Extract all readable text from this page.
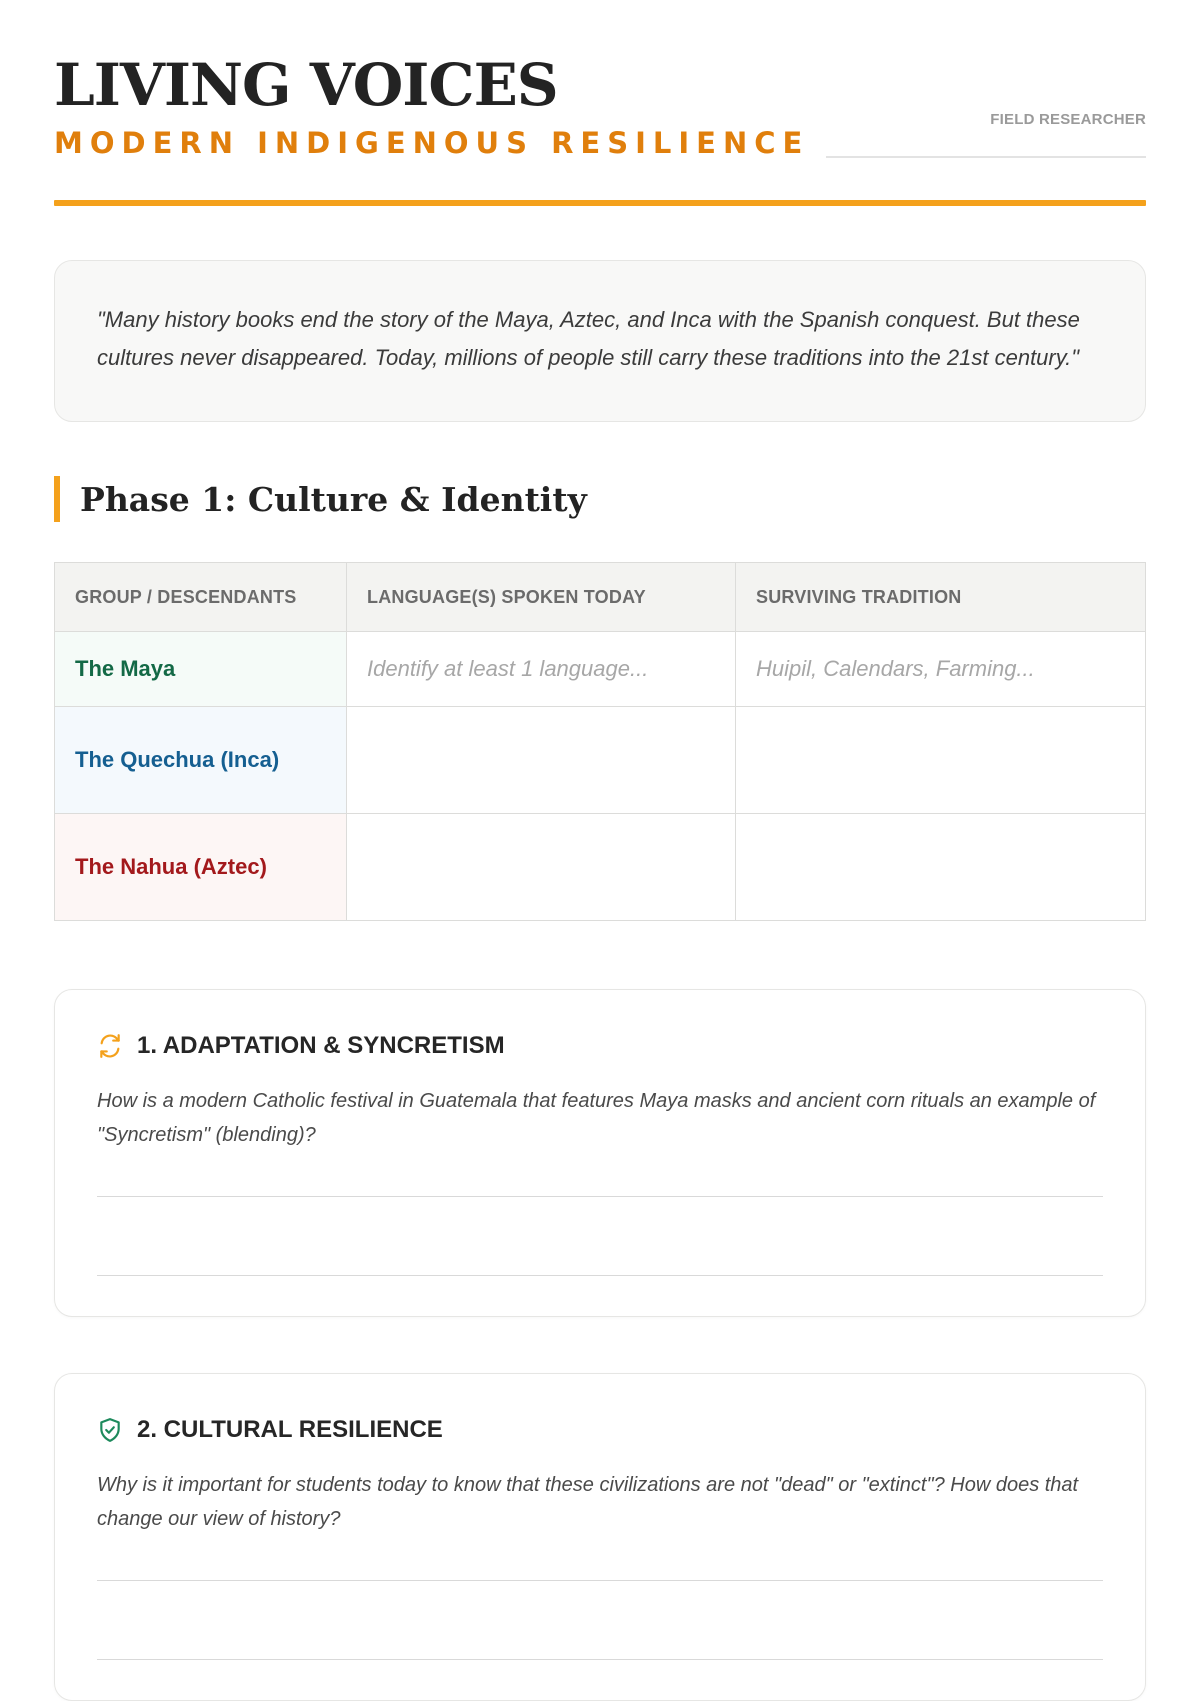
LIVING VOICES
MODERN INDIGENOUS RESILIENCE
FIELD RESEARCHER
"Many history books end the story of the Maya, Aztec, and Inca with the Spanish conquest. But these cultures never disappeared. Today, millions of people still carry these traditions into the 21st century."
Phase 1: Culture & Identity
GROUP / DESCENDANTS	LANGUAGE(S) SPOKEN TODAY	SURVIVING TRADITION
The Maya	Identify at least 1 language...	Huipil, Calendars, Farming...
The Quechua (Inca)		
The Nahua (Aztec)		
1. ADAPTATION & SYNCRETISM
How is a modern Catholic festival in Guatemala that features Maya masks and ancient corn rituals an example of "Syncretism" (blending)?
2. CULTURAL RESILIENCE
Why is it important for students today to know that these civilizations are not "dead" or "extinct"? How does that change our view of history?
